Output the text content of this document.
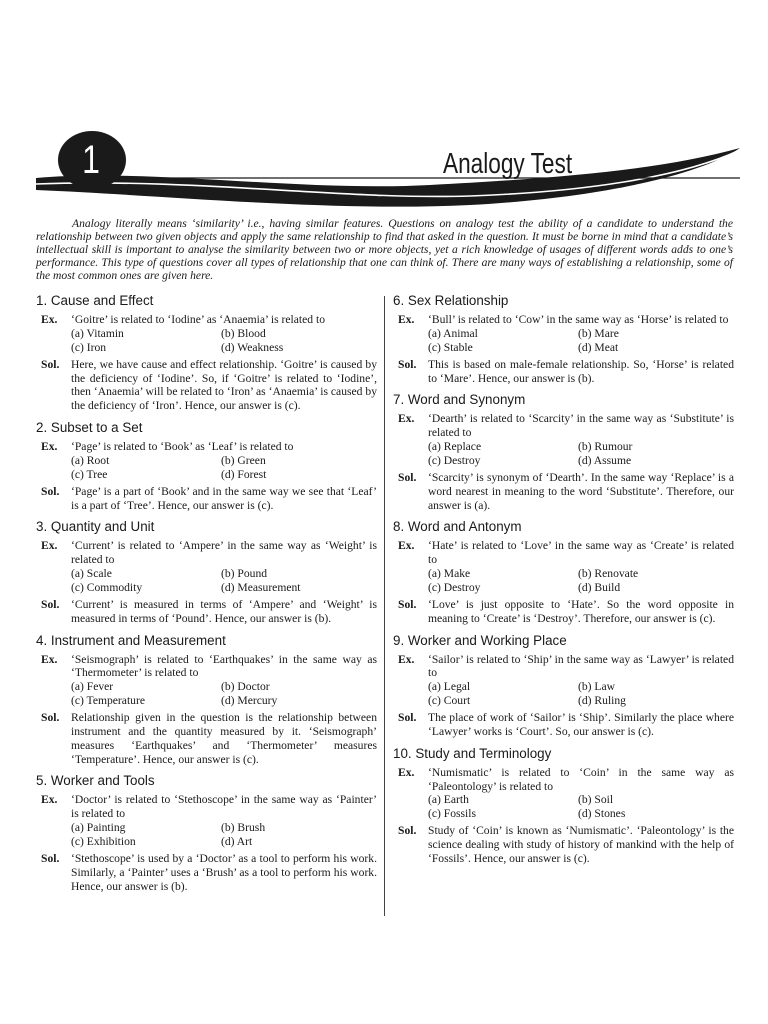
1	Analogy Test

Analogy literally means ‘similarity’ i.e., having similar features. Questions on analogy test the ability of a candidate to understand the relationship between two given objects and apply the same relationship to find that asked in the question. It must be borne in mind that a candidate’s intellectual skill is important to analyse the similarity between two or more objects, yet a rich knowledge of usages of different words adds to one’s performance. This type of questions cover all types of relationship that one can think of. There are many ways of establishing a relationship, some of the most common ones are given here.

1. Cause and Effect
Ex.	‘Goitre’ is related to ‘Iodine’ as ‘Anaemia’ is related to
(a) Vitamin	(b) Blood
(c) Iron	(d) Weakness
Sol.	Here, we have cause and effect relationship. ‘Goitre’ is caused by the deficiency of ‘Iodine’. So, if ‘Goitre’ is related to ‘Iodine’, then ‘Anaemia’ will be related to ‘Iron’ as ‘Anaemia’ is caused by the deficiency of ‘Iron’. Hence, our answer is (c).
2. Subset to a Set
Ex.	‘Page’ is related to ‘Book’ as ‘Leaf’ is related to
(a) Root	(b) Green
(c) Tree	(d) Forest
Sol.	‘Page’ is a part of ‘Book’ and in the same way we see that ‘Leaf’ is a part of ‘Tree’. Hence, our answer is (c).
3. Quantity and Unit
Ex.	‘Current’ is related to ‘Ampere’ in the same way as ‘Weight’ is related to
(a) Scale	(b) Pound
(c) Commodity	(d) Measurement
Sol.	‘Current’ is measured in terms of ‘Ampere’ and ‘Weight’ is measured in terms of ‘Pound’. Hence, our answer is (b).
4. Instrument and Measurement
Ex.	‘Seismograph’ is related to ‘Earthquakes’ in the same way as ‘Thermometer’ is related to
(a) Fever	(b) Doctor
(c) Temperature	(d) Mercury
Sol.	Relationship given in the question is the relationship between instrument and the quantity measured by it. ‘Seismograph’ measures ‘Earthquakes’ and ‘Thermometer’ measures ‘Temperature’. Hence, our answer is (c).
5. Worker and Tools
Ex.	‘Doctor’ is related to ‘Stethoscope’ in the same way as ‘Painter’ is related to
(a) Painting	(b) Brush
(c) Exhibition	(d) Art
Sol.	‘Stethoscope’ is used by a ‘Doctor’ as a tool to perform his work. Similarly, a ‘Painter’ uses a ‘Brush’ as a tool to perform his work. Hence, our answer is (b).
6. Sex Relationship
Ex.	‘Bull’ is related to ‘Cow’ in the same way as ‘Horse’ is related to
(a) Animal	(b) Mare
(c) Stable	(d) Meat
Sol.	This is based on male-female relationship. So, ‘Horse’ is related to ‘Mare’. Hence, our answer is (b).
7. Word and Synonym
Ex.	‘Dearth’ is related to ‘Scarcity’ in the same way as ‘Substitute’ is related to
(a) Replace	(b) Rumour
(c) Destroy	(d) Assume
Sol.	‘Scarcity’ is synonym of ‘Dearth’. In the same way ‘Replace’ is a word nearest in meaning to the word ‘Substitute’. Therefore, our answer is (a).
8. Word and Antonym
Ex.	‘Hate’ is related to ‘Love’ in the same way as ‘Create’ is related to
(a) Make	(b) Renovate
(c) Destroy	(d) Build
Sol.	‘Love’ is just opposite to ‘Hate’. So the word opposite in meaning to ‘Create’ is ‘Destroy’. Therefore, our answer is (c).
9. Worker and Working Place
Ex.	‘Sailor’ is related to ‘Ship’ in the same way as ‘Lawyer’ is related to
(a) Legal	(b) Law
(c) Court	(d) Ruling
Sol.	The place of work of ‘Sailor’ is ‘Ship’. Similarly the place where ‘Lawyer’ works is ‘Court’. So, our answer is (c).
10. Study and Terminology
Ex.	‘Numismatic’ is related to ‘Coin’ in the same way as ‘Paleontology’ is related to
(a) Earth	(b) Soil
(c) Fossils	(d) Stones
Sol.	Study of ‘Coin’ is known as ‘Numismatic’. ‘Paleontology’ is the science dealing with study of history of mankind with the help of ‘Fossils’. Hence, our answer is (c).
